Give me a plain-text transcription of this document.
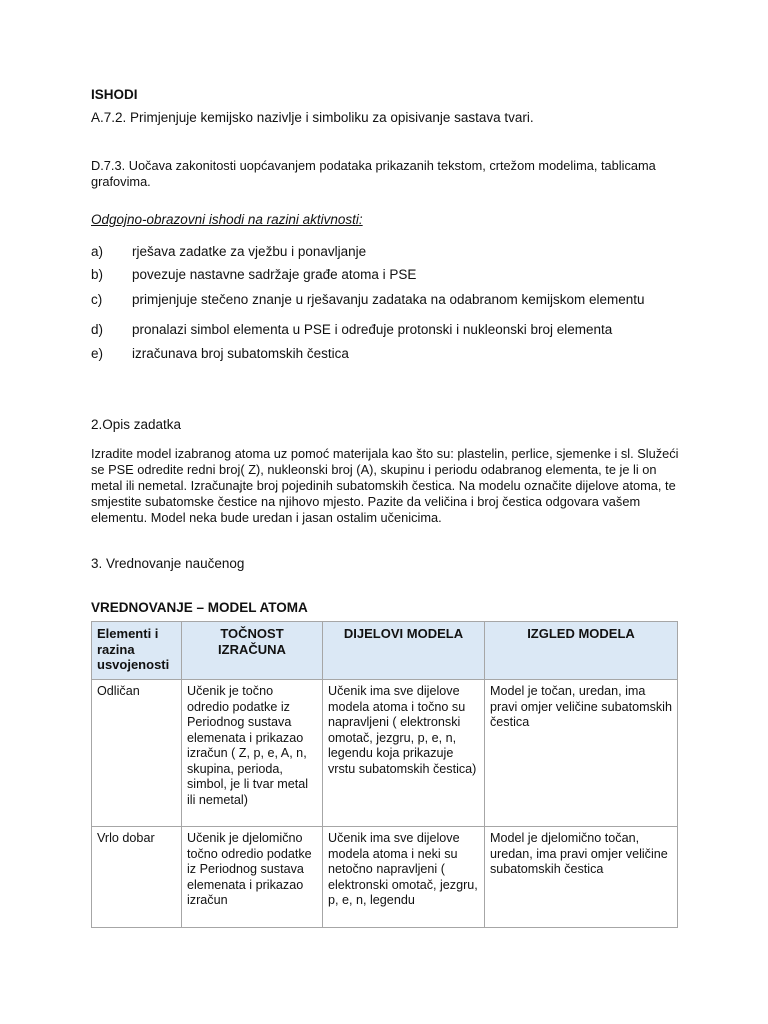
ISHODI
A.7.2. Primjenjuje kemijsko nazivlje i simboliku za opisivanje sastava tvari.
D.7.3. Uočava zakonitosti uopćavanjem podataka prikazanih tekstom, crtežom modelima, tablicama grafovima.
Odgojno-obrazovni ishodi na razini aktivnosti:
a) rješava zadatke za vježbu i ponavljanje
b) povezuje nastavne sadržaje građe atoma i PSE
c) primjenjuje stečeno znanje u rješavanju zadataka na odabranom kemijskom elementu
d) pronalazi simbol elementa u PSE i određuje protonski i nukleonski broj elementa
e) izračunava broj subatomskih čestica
2.Opis zadatka
Izradite model izabranog atoma uz pomoć materijala kao što su: plastelin, perlice, sjemenke i sl. Služeći se PSE odredite redni broj( Z), nukleonski broj (A), skupinu i periodu odabranog elementa, te je li on metal ili nemetal. Izračunajte broj pojedinih subatomskih čestica. Na modelu označite dijelove atoma, te smjestite subatomske čestice na njihovo mjesto. Pazite da veličina i broj čestica odgovara vašem elementu. Model neka bude uredan i jasan ostalim učenicima.
3. Vrednovanje naučenog
VREDNOVANJE – MODEL ATOMA
Elementi i razina usvojenosti	TOČNOST IZRAČUNA	DIJELOVI MODELA	IZGLED MODELA
Odličan	Učenik je točno odredio podatke iz Periodnog sustava elemenata i prikazao izračun ( Z, p, e, A, n, skupina, perioda, simbol, je li tvar metal ili nemetal)	Učenik ima sve dijelove modela atoma i točno su napravljeni ( elektronski omotač, jezgru, p, e, n, legendu koja prikazuje vrstu subatomskih čestica)	Model je točan, uredan, ima pravi omjer veličine subatomskih čestica
Vrlo dobar	Učenik je djelomično točno odredio podatke iz Periodnog sustava elemenata i prikazao izračun	Učenik ima sve dijelove modela atoma i neki su netočno napravljeni ( elektronski omotač, jezgru, p, e, n, legendu	Model je djelomično točan, uredan, ima pravi omjer veličine subatomskih čestica
